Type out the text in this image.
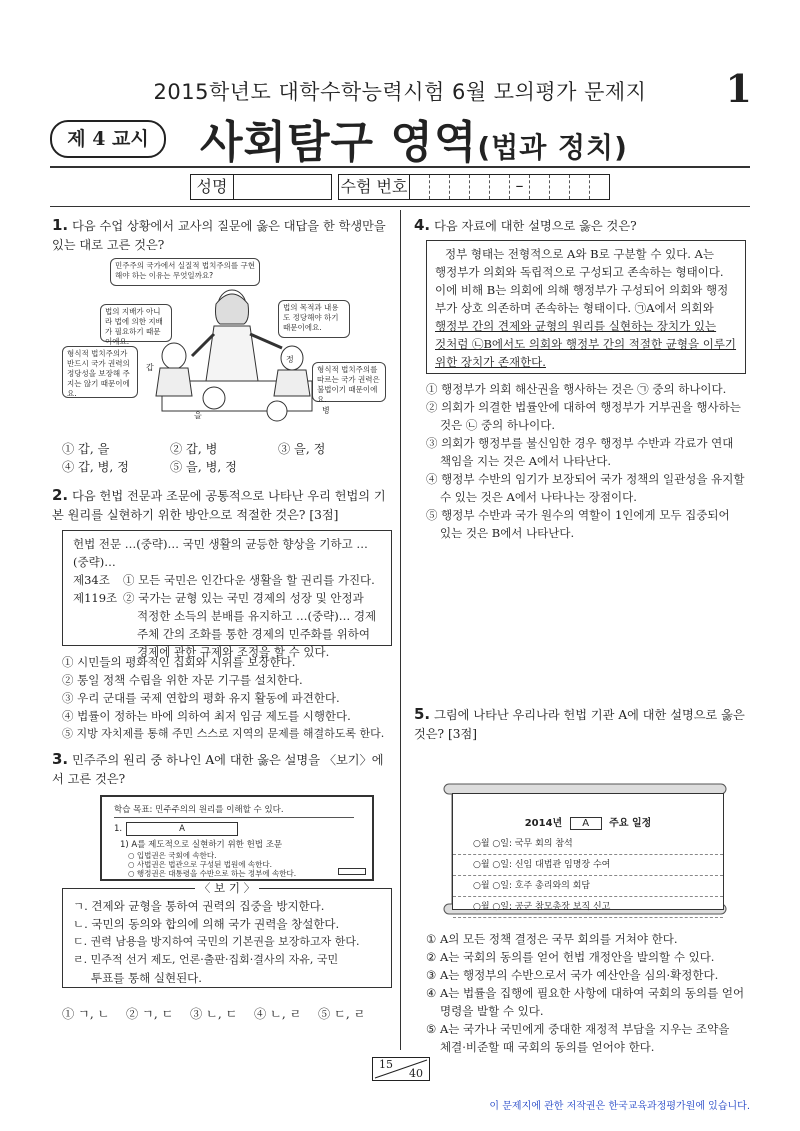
2015학년도 대학수학능력시험 6월 모의평가 문제지	1
제 4 교시	사회탐구 영역(법과 정치)
성명	수험 번호	–
1. 다음 수업 상황에서 교사의 질문에 옳은 대답을 한 학생만을 있는 대로 고른 것은?
민주주의 국가에서 실질적 법치주의를 구현해야 하는 이유는 무엇일까요?
법의 지배가 아니라 법에 의한 지배가 필요하기 때문이에요.
형식적 법치주의가 반드시 국가 권력의 정당성을 보장해 주지는 않기 때문이에요.
법의 목적과 내용도 정당해야 하기 때문이에요.
형식적 법치주의를 따르는 국가 권력은 불법이기 때문이에요.
갑
을
병
정
① 갑, 을	② 갑, 병	③ 을, 정
④ 갑, 병, 정	⑤ 을, 병, 정
2. 다음 헌법 전문과 조문에 공통적으로 나타난 우리 헌법의 기본 원리를 실현하기 위한 방안으로 적절한 것은? [3점]
헌법 전문 …(중략)… 국민 생활의 균등한 향상을 기하고 …(중략)…
제34조	① 모든 국민은 인간다운 생활을 할 권리를 가진다.
제119조 ② 국가는 균형 있는 국민 경제의 성장 및 안정과
적정한 소득의 분배를 유지하고 …(중략)… 경제
주체 간의 조화를 통한 경제의 민주화를 위하여
경제에 관한 규제와 조정을 할 수 있다.
① 시민들의 평화적인 집회와 시위를 보장한다.
② 통일 정책 수립을 위한 자문 기구를 설치한다.
③ 우리 군대를 국제 연합의 평화 유지 활동에 파견한다.
④ 법률이 정하는 바에 의하여 최저 임금 제도를 시행한다.
⑤ 지방 자치제를 통해 주민 스스로 지역의 문제를 해결하도록 한다.
3. 민주주의 원리 중 하나인 A에 대한 옳은 설명을 〈보기〉에서 고른 것은?
학습 목표: 민주주의의 원리를 이해할 수 있다.
1.	A
1) A를 제도적으로 실현하기 위한 헌법 조문
○ 입법권은 국회에 속한다.
○ 사법권은 법관으로 구성된 법원에 속한다.
○ 행정권은 대통령을 수반으로 하는 정부에 속한다.
〈 보 기 〉
ㄱ. 견제와 균형을 통하여 권력의 집중을 방지한다.
ㄴ. 국민의 동의와 합의에 의해 국가 권력을 창설한다.
ㄷ. 권력 남용을 방지하여 국민의 기본권을 보장하고자 한다.
ㄹ. 민주적 선거 제도, 언론·출판·집회·결사의 자유, 국민
투표를 통해 실현된다.
① ㄱ, ㄴ ② ㄱ, ㄷ ③ ㄴ, ㄷ ④ ㄴ, ㄹ ⑤ ㄷ, ㄹ
4. 다음 자료에 대한 설명으로 옳은 것은?
정부 형태는 전형적으로 A와 B로 구분할 수 있다. A는
행정부가 의회와 독립적으로 구성되고 존속하는 형태이다.
이에 비해 B는 의회에 의해 행정부가 구성되어 의회와 행정
부가 상호 의존하며 존속하는 형태이다. ㉠A에서 의회와
행정부 간의 견제와 균형의 원리를 실현하는 장치가 있는
것처럼 ㉡B에서도 의회와 행정부 간의 적절한 균형을 이루기
위한 장치가 존재한다.
① 행정부가 의회 해산권을 행사하는 것은 ㉠ 중의 하나이다.
② 의회가 의결한 법률안에 대하여 행정부가 거부권을 행사하는
것은 ㉡ 중의 하나이다.
③ 의회가 행정부를 불신임한 경우 행정부 수반과 각료가 연대
책임을 지는 것은 A에서 나타난다.
④ 행정부 수반의 임기가 보장되어 국가 정책의 일관성을 유지할
수 있는 것은 A에서 나타나는 장점이다.
⑤ 행정부 수반과 국가 원수의 역할이 1인에게 모두 집중되어
있는 것은 B에서 나타난다.
5. 그림에 나타난 우리나라 헌법 기관 A에 대한 설명으로 옳은 것은? [3점]
2014년 A 주요 일정
○월 ○일: 국무 회의 참석
○월 ○일: 신임 대법관 임명장 수여
○월 ○일: 호주 총리와의 회담
○월 ○일: 공군 참모총장 보직 신고
① A의 모든 정책 결정은 국무 회의를 거쳐야 한다.
② A는 국회의 동의를 얻어 헌법 개정안을 발의할 수 있다.
③ A는 행정부의 수반으로서 국가 예산안을 심의·확정한다.
④ A는 법률을 집행에 필요한 사항에 대하여 국회의 동의를 얻어
명령을 발할 수 있다.
⑤ A는 국가나 국민에게 중대한 재정적 부담을 지우는 조약을
체결·비준할 때 국회의 동의를 얻어야 한다.
15
40
이 문제지에 관한 저작권은 한국교육과정평가원에 있습니다.
